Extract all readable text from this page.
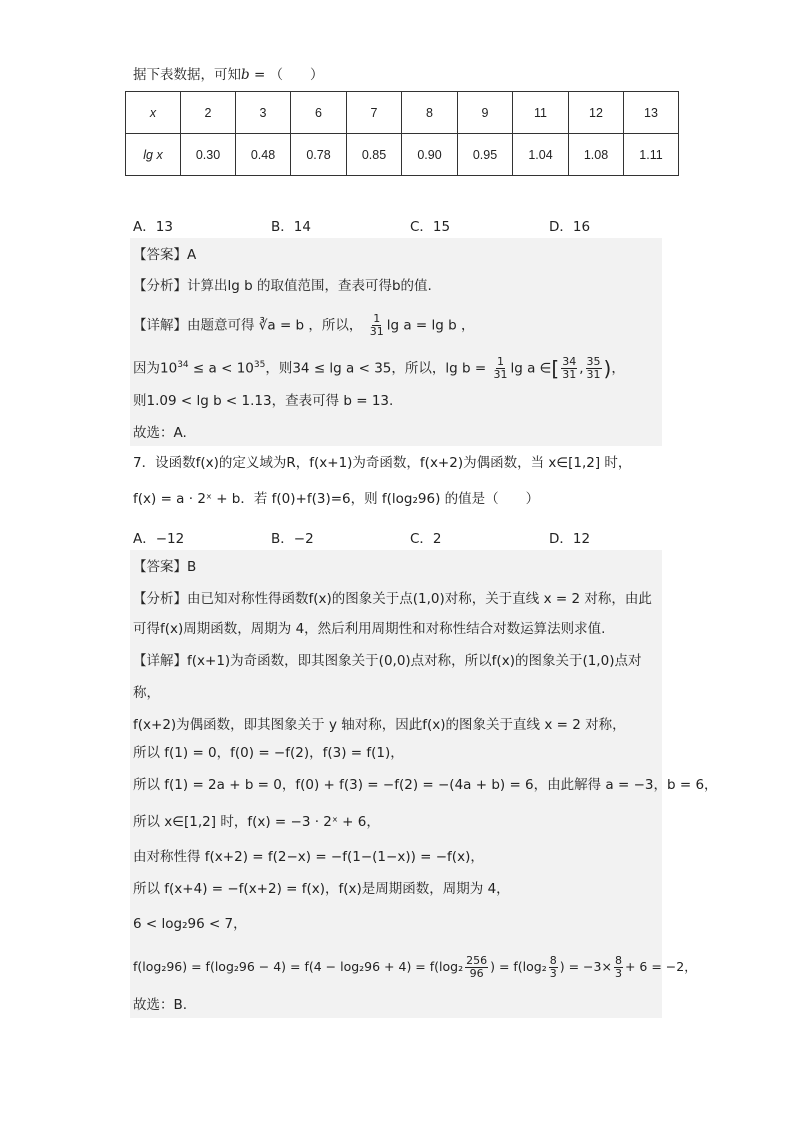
据下表数据，可知b = （　　）
x	2	3	6	7	8	9	11	12	13
lg x	0.30	0.48	0.78	0.85	0.90	0.95	1.04	1.08	1.11
A．13	B．14	C．15	D．16
【答案】A
【分析】计算出lg b 的取值范围，查表可得b的值.
【详解】由题意可得 ∛a = b ，所以， $\frac{1}{31}$ lg a = lg b ，
因为$10^{34} \le a < 10^{35}$，则34 ≤ lg a < 35，所以，$\lg b = \frac{1}{31}$ lg a ∈[ $\frac{34}{31}$ , $\frac{35}{31}$ )，
则1.09 < lg b < 1.13，查表可得 b = 13.
故选：A.
7．设函数f(x)的定义域为R，f(x+1)为奇函数，f(x+2)为偶函数，当 x∈[1,2] 时，
f(x) = a · 2ˣ + b．若 f(0)+f(3)=6，则 f(log₂96) 的值是（　　）
A．−12	B．−2	C．2	D．12
【答案】B
【分析】由已知对称性得函数f(x)的图象关于点(1,0)对称，关于直线 x = 2 对称，由此
可得f(x)周期函数，周期为 4，然后利用周期性和对称性结合对数运算法则求值.
【详解】f(x+1)为奇函数，即其图象关于(0,0)点对称，所以f(x)的图象关于(1,0)点对
称，
f(x+2)为偶函数，即其图象关于 y 轴对称，因此f(x)的图象关于直线 x = 2 对称，
所以 f(1) = 0，f(0) = −f(2)，f(3) = f(1)，
所以 f(1) = 2a + b = 0，f(0) + f(3) = −f(2) = −(4a + b) = 6，由此解得 a = −3，b = 6，
所以 x∈[1,2] 时，f(x) = −3 · 2ˣ + 6，
由对称性得 f(x+2) = f(2−x) = −f(1−(1−x)) = −f(x)，
所以 f(x+4) = −f(x+2) = f(x)，f(x)是周期函数，周期为 4，
6 < log₂96 < 7，
$f(\log_296) = f(\log_296 - 4) = f(4 - \log_296 + 4) = f(\log_2 \frac{256}{96}$ ) = $f(\log_2 \frac{8}{3}$ ) = $-3\times \frac{8}{3} + 6 = -2$，
故选：B.
